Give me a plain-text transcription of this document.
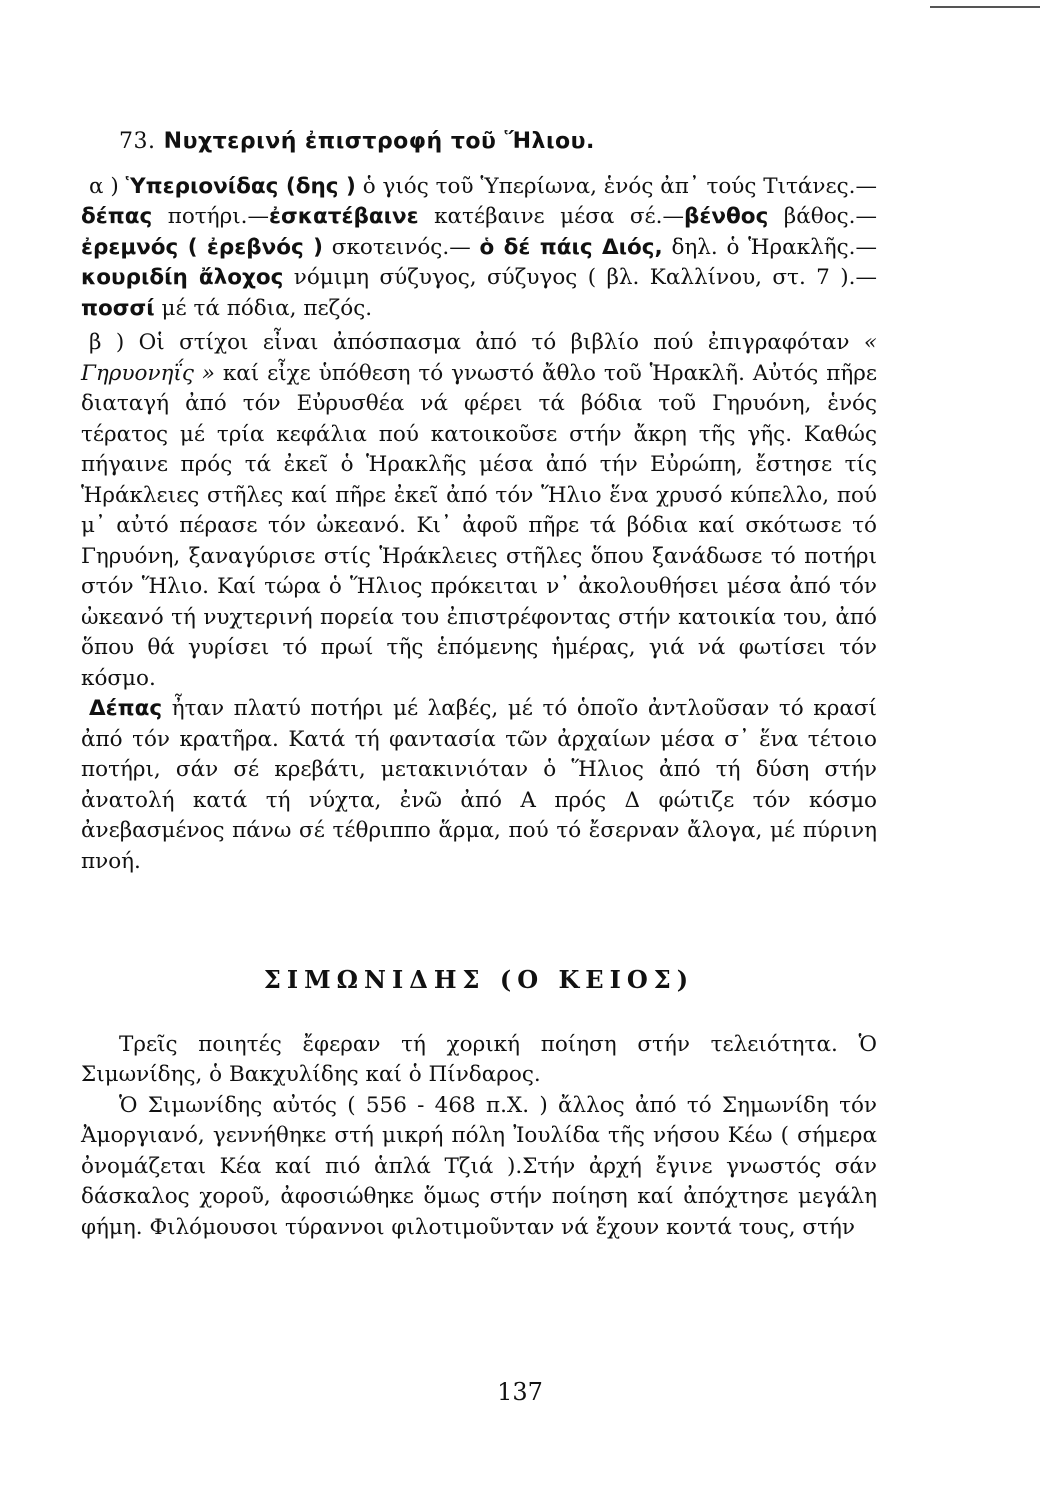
73. Νυχτερινή ἐπιστροφή τοῦ Ἥλιου.

α ) Ὑπεριονίδας (δης ) ὁ γιός τοῦ Ὑπερίωνα, ἑνός ἀπ᾿ τούς Τιτάνες.— δέπας ποτήρι.—ἐσκατέβαινε κατέβαινε μέσα σέ.—βένθος βάθος.— ἐρεμνός ( ἐρεβνός ) σκοτεινός.— ὁ δέ πάις Διός, δηλ. ὁ Ἡρακλῆς.— κουριδίη ἄλοχος νόμιμη σύζυγος, σύζυγος ( βλ. Καλλίνου, στ. 7 ).—ποσσί μέ τά πόδια, πεζός.

β ) Οἱ στίχοι εἶναι ἀπόσπασμα ἀπό τό βιβλίο πού ἐπιγραφόταν « Γηρυονηΐς » καί εἶχε ὑπόθεση τό γνωστό ἄθλο τοῦ Ἡρακλῆ. Αὐτός πῆρε διαταγή ἀπό τόν Εὐρυσθέα νά φέρει τά βόδια τοῦ Γηρυόνη, ἑνός τέρατος μέ τρία κεφάλια πού κατοικοῦσε στήν ἄκρη τῆς γῆς. Καθώς πήγαινε πρός τά ἐκεῖ ὁ Ἡρακλῆς μέσα ἀπό τήν Εὐρώπη, ἔστησε τίς Ἡράκλειες στῆλες καί πῆρε ἐκεῖ ἀπό τόν Ἥλιο ἕνα χρυσό κύπελλο, πού μ᾿ αὐτό πέρασε τόν ὠκεανό. Κι᾿ ἀφοῦ πῆρε τά βόδια καί σκότωσε τό Γηρυόνη, ξαναγύρισε στίς Ἡράκλειες στῆλες ὅπου ξανάδωσε τό ποτήρι στόν Ἥλιο. Καί τώρα ὁ Ἥλιος πρόκειται ν᾿ ἀκολουθήσει μέσα ἀπό τόν ὠκεανό τή νυχτερινή πορεία του ἐπιστρέφοντας στήν κατοικία του, ἀπό ὅπου θά γυρίσει τό πρωί τῆς ἑπόμενης ἡμέρας, γιά νά φωτίσει τόν κόσμο.

Δέπας ἦταν πλατύ ποτήρι μέ λαβές, μέ τό ὁποῖο ἀντλοῦσαν τό κρασί ἀπό τόν κρατῆρα. Κατά τή φαντασία τῶν ἀρχαίων μέσα σ᾿ ἕνα τέτοιο ποτήρι, σάν σέ κρεβάτι, μετακινιόταν ὁ Ἥλιος ἀπό τή δύση στήν ἀνατολή κατά τή νύχτα, ἐνῶ ἀπό Α πρός Δ φώτιζε τόν κόσμο ἀνεβασμένος πάνω σέ τέθριππο ἅρμα, πού τό ἔσερναν ἄλογα, μέ πύρινη πνοή.

ΣΙΜΩΝΙΔΗΣ (Ο ΚΕΙΟΣ)

Τρεῖς ποιητές ἔφεραν τή χορική ποίηση στήν τελειότητα. Ὁ Σιμωνίδης, ὁ Βακχυλίδης καί ὁ Πίνδαρος.

Ὁ Σιμωνίδης αὐτός ( 556 - 468 π.Χ. ) ἄλλος ἀπό τό Σημωνίδη τόν Ἀμοργιανό, γεννήθηκε στή μικρή πόλη Ἰουλίδα τῆς νήσου Κέω ( σήμερα ὀνομάζεται Κέα καί πιό ἁπλά Τζιά ).Στήν ἀρχή ἔγινε γνωστός σάν δάσκαλος χοροῦ, ἀφοσιώθηκε ὅμως στήν ποίηση καί ἀπόχτησε μεγάλη φήμη. Φιλόμουσοι τύραννοι φιλοτιμοῦνταν νά ἔχουν κοντά τους, στήν

137
